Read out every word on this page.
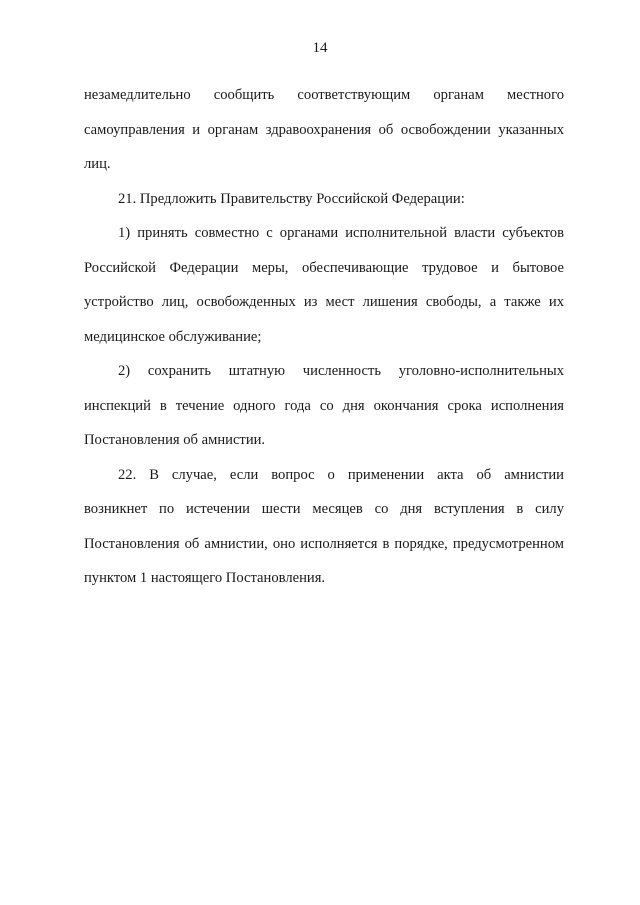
14
незамедлительно сообщить соответствующим органам местного
самоуправления и органам здравоохранения об освобождении указанных
лиц.
21. Предложить Правительству Российской Федерации:
1) принять совместно с органами исполнительной власти субъектов
Российской Федерации меры, обеспечивающие трудовое и бытовое
устройство лиц, освобожденных из мест лишения свободы, а также их
медицинское обслуживание;
2) сохранить штатную численность уголовно-исполнительных
инспекций в течение одного года со дня окончания срока исполнения
Постановления об амнистии.
22. В случае, если вопрос о применении акта об амнистии
возникнет по истечении шести месяцев со дня вступления в силу
Постановления об амнистии, оно исполняется в порядке, предусмотренном
пунктом 1 настоящего Постановления.
